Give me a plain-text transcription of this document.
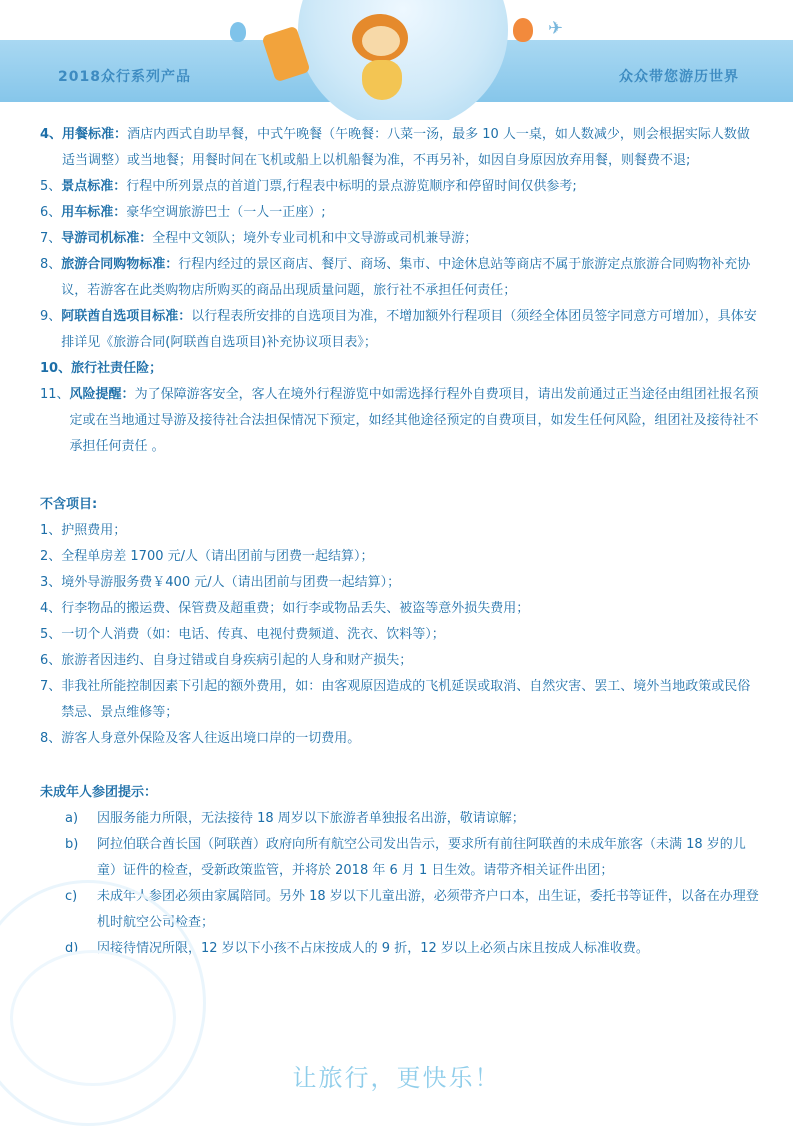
✈
2018众行系列产品	众众带您游历世界
4、 用餐标准：酒店内西式自助早餐，中式午晚餐（午晚餐：八菜一汤，最多 10 人一桌，如人数减少，则会根据实际人数做适当调整）或当地餐；用餐时间在飞机或船上以机船餐为准，不再另补，如因自身原因放弃用餐，则餐费不退;
5、 景点标准：行程中所列景点的首道门票,行程表中标明的景点游览顺序和停留时间仅供参考;
6、 用车标准：豪华空调旅游巴士（一人一正座）;
7、 导游司机标准：全程中文领队；境外专业司机和中文导游或司机兼导游；
8、 旅游合同购物标准：行程内经过的景区商店、餐厅、商场、集市、中途休息站等商店不属于旅游定点旅游合同购物补充协议，若游客在此类购物店所购买的商品出现质量问题，旅行社不承担任何责任；
9、 阿联酋自选项目标准：以行程表所安排的自选项目为准，不增加额外行程项目（须经全体团员签字同意方可增加），具体安排详见《旅游合同(阿联酋自选项目)补充协议项目表》；
10、 旅行社责任险；
11、 风险提醒：为了保障游客安全，客人在境外行程游览中如需选择行程外自费项目，请出发前通过正当途径由组团社报名预定或在当地通过导游及接待社合法担保情况下预定，如经其他途径预定的自费项目，如发生任何风险，组团社及接待社不承担任何责任 。
不含项目:
1、 护照费用；
2、 全程单房差 1700 元/人（请出团前与团费一起结算）；
3、 境外导游服务费￥400 元/人（请出团前与团费一起结算）；
4、 行李物品的搬运费、保管费及超重费；如行李或物品丢失、被盗等意外损失费用；
5、 一切个人消费（如：电话、传真、电视付费频道、洗衣、饮料等）；
6、 旅游者因违约、自身过错或自身疾病引起的人身和财产损失；
7、 非我社所能控制因素下引起的额外费用，如：由客观原因造成的飞机延误或取消、自然灾害、罢工、境外当地政策或民俗禁忌、景点维修等；
8、 游客人身意外保险及客人往返出境口岸的一切费用。
未成年人参团提示：
a)	因服务能力所限，无法接待 18 周岁以下旅游者单独报名出游，敬请谅解；
b)	阿拉伯联合酋长国（阿联酋）政府向所有航空公司发出告示，要求所有前往阿联酋的未成年旅客（未满 18 岁的儿童）证件的检查，受新政策监管，并将於 2018 年 6 月 1 日生效。请带齐相关证件出团；
c)	未成年人参团必须由家属陪同。另外 18 岁以下儿童出游，必须带齐户口本，出生证，委托书等证件，以备在办理登机时航空公司检查；
d)	因接待情况所限，12 岁以下小孩不占床按成人的 9 折，12 岁以上必须占床且按成人标准收费。
让旅行，更快乐！
